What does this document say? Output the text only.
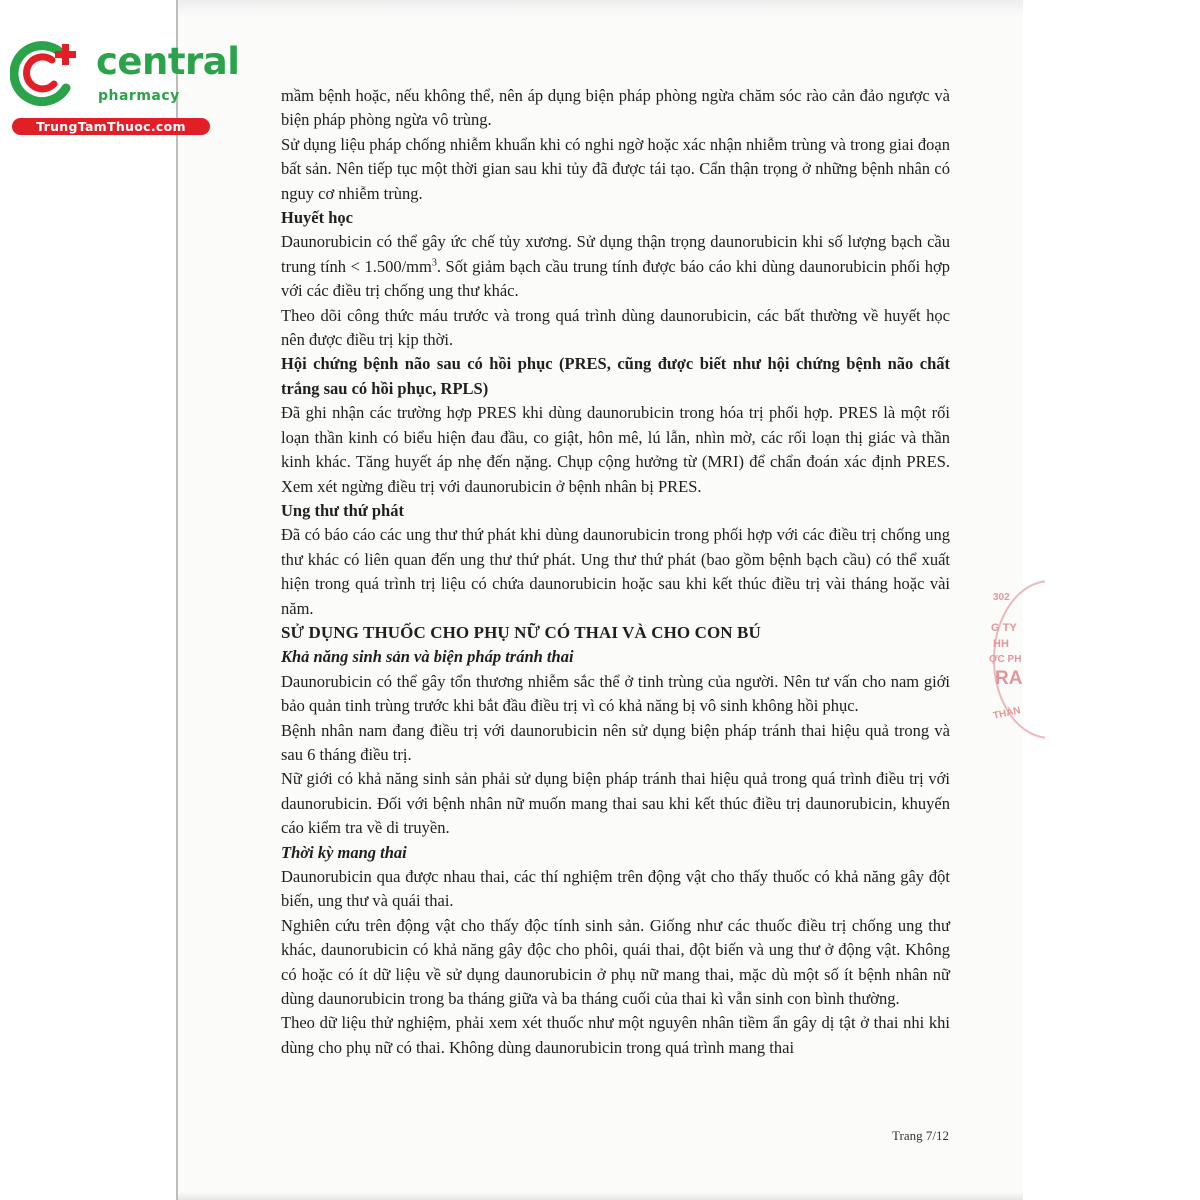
central
pharmacy
TrungTamThuoc.com

mầm bệnh hoặc, nếu không thể, nên áp dụng biện pháp phòng ngừa chăm sóc rào cản đảo ngược và biện pháp phòng ngừa vô trùng.

Sử dụng liệu pháp chống nhiễm khuẩn khi có nghi ngờ hoặc xác nhận nhiễm trùng và trong giai đoạn bất sản. Nên tiếp tục một thời gian sau khi tủy đã được tái tạo. Cẩn thận trọng ở những bệnh nhân có nguy cơ nhiễm trùng.

Huyết học

Daunorubicin có thể gây ức chế tủy xương. Sử dụng thận trọng daunorubicin khi số lượng bạch cầu trung tính < $1.500/mm^3$. Sốt giảm bạch cầu trung tính được báo cáo khi dùng daunorubicin phối hợp với các điều trị chống ung thư khác.

Theo dõi công thức máu trước và trong quá trình dùng daunorubicin, các bất thường về huyết học nên được điều trị kịp thời.

Hội chứng bệnh não sau có hồi phục (PRES, cũng được biết như hội chứng bệnh não chất trắng sau có hồi phục, RPLS)

Đã ghi nhận các trường hợp PRES khi dùng daunorubicin trong hóa trị phối hợp. PRES là một rối loạn thần kinh có biểu hiện đau đầu, co giật, hôn mê, lú lẫn, nhìn mờ, các rối loạn thị giác và thần kinh khác. Tăng huyết áp nhẹ đến nặng. Chụp cộng hưởng từ (MRI) để chẩn đoán xác định PRES. Xem xét ngừng điều trị với daunorubicin ở bệnh nhân bị PRES.

Ung thư thứ phát

Đã có báo cáo các ung thư thứ phát khi dùng daunorubicin trong phối hợp với các điều trị chống ung thư khác có liên quan đến ung thư thứ phát. Ung thư thứ phát (bao gồm bệnh bạch cầu) có thể xuất hiện trong quá trình trị liệu có chứa daunorubicin hoặc sau khi kết thúc điều trị vài tháng hoặc vài năm.

SỬ DỤNG THUỐC CHO PHỤ NỮ CÓ THAI VÀ CHO CON BÚ

Khả năng sinh sản và biện pháp tránh thai

Daunorubicin có thể gây tổn thương nhiễm sắc thể ở tinh trùng của người. Nên tư vấn cho nam giới bảo quản tinh trùng trước khi bắt đầu điều trị vì có khả năng bị vô sinh không hồi phục.

Bệnh nhân nam đang điều trị với daunorubicin nên sử dụng biện pháp tránh thai hiệu quả trong và sau 6 tháng điều trị.

Nữ giới có khả năng sinh sản phải sử dụng biện pháp tránh thai hiệu quả trong quá trình điều trị với daunorubicin. Đối với bệnh nhân nữ muốn mang thai sau khi kết thúc điều trị daunorubicin, khuyến cáo kiểm tra về di truyền.

Thời kỳ mang thai

Daunorubicin qua được nhau thai, các thí nghiệm trên động vật cho thấy thuốc có khả năng gây đột biến, ung thư và quái thai.

Nghiên cứu trên động vật cho thấy độc tính sinh sản. Giống như các thuốc điều trị chống ung thư khác, daunorubicin có khả năng gây độc cho phôi, quái thai, đột biến và ung thư ở động vật. Không có hoặc có ít dữ liệu về sử dụng daunorubicin ở phụ nữ mang thai, mặc dù một số ít bệnh nhân nữ dùng daunorubicin trong ba tháng giữa và ba tháng cuối của thai kì vẫn sinh con bình thường.

Theo dữ liệu thử nghiệm, phải xem xét thuốc như một nguyên nhân tiềm ẩn gây dị tật ở thai nhi khi dùng cho phụ nữ có thai. Không dùng daunorubicin trong quá trình mang thai

Trang 7/12
302
G TY
HH
ỢC PH
RA
THÀN
